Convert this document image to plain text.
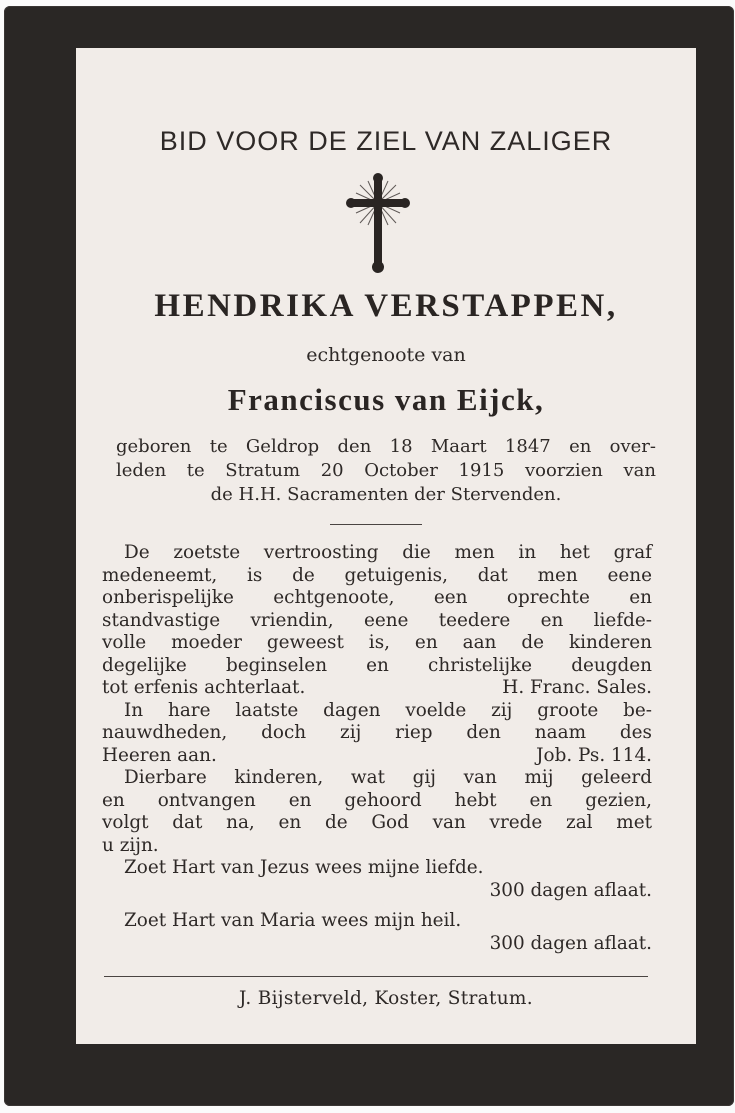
BID VOOR DE ZIEL VAN ZALIGER
HENDRIKA VERSTAPPEN,
echtgenoote van
Franciscus van Eijck,
geboren te Geldrop den 18 Maart 1847 en over-
leden te Stratum 20 October 1915 voorzien van
de H.H. Sacramenten der Stervenden.
De zoetste vertroosting die men in het graf
medeneemt, is de getuigenis, dat men eene
onberispelijke echtgenoote, een oprechte en
standvastige vriendin, eene teedere en liefde-
volle moeder geweest is, en aan de kinderen
degelijke beginselen en christelijke deugden
tot erfenis achterlaat.	H. Franc. Sales.
In hare laatste dagen voelde zij groote be-
nauwdheden, doch zij riep den naam des
Heeren aan.	Job. Ps. 114.
Dierbare kinderen, wat gij van mij geleerd
en ontvangen en gehoord hebt en gezien,
volgt dat na, en de God van vrede zal met
u zijn.
Zoet Hart van Jezus wees mijne liefde.
300 dagen aflaat.
Zoet Hart van Maria wees mijn heil.
300 dagen aflaat.
J. Bijsterveld, Koster, Stratum.
